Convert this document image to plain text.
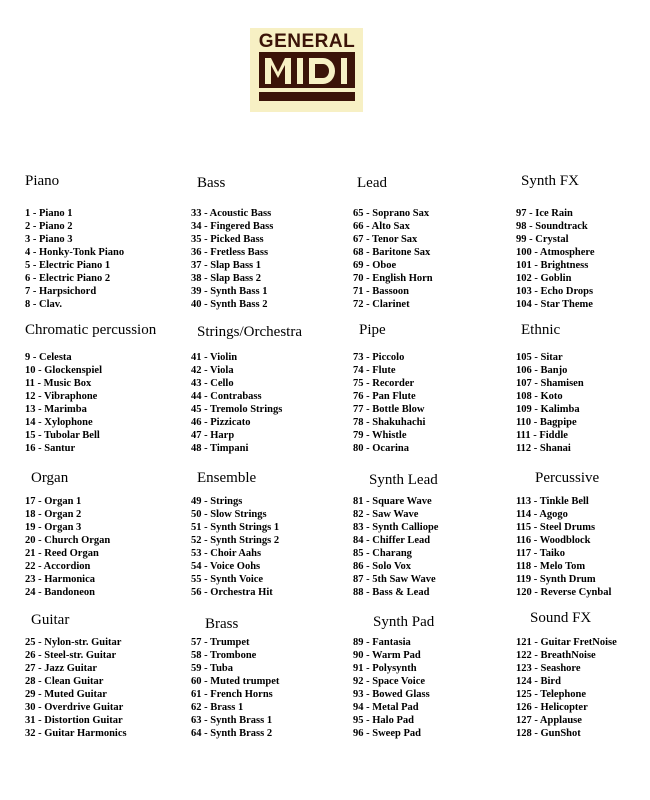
GENERAL
Piano
1 - Piano 1
2 - Piano 2
3 - Piano 3
4 - Honky-Tonk Piano
5 - Electric Piano 1
6 - Electric Piano 2
7 - Harpsichord
8 - Clav.
Bass
33 - Acoustic Bass
34 - Fingered Bass
35 - Picked Bass
36 - Fretless Bass
37 - Slap Bass 1
38 - Slap Bass 2
39 - Synth Bass 1
40 - Synth Bass 2
Lead
65 - Soprano Sax
66 - Alto Sax
67 - Tenor Sax
68 - Baritone Sax
69 - Oboe
70 - English Horn
71 - Bassoon
72 - Clarinet
Synth FX
97 - Ice Rain
98 - Soundtrack
99 - Crystal
100 - Atmosphere
101 - Brightness
102 - Goblin
103 - Echo Drops
104 - Star Theme
Chromatic percussion
9 - Celesta
10 - Glockenspiel
11 - Music Box
12 - Vibraphone
13 - Marimba
14 - Xylophone
15 - Tubolar Bell
16 - Santur
Strings/Orchestra
41 - Violin
42 - Viola
43 - Cello
44 - Contrabass
45 - Tremolo Strings
46 - Pizzicato
47 - Harp
48 - Timpani
Pipe
73 - Piccolo
74 - Flute
75 - Recorder
76 - Pan Flute
77 - Bottle Blow
78 - Shakuhachi
79 - Whistle
80 - Ocarina
Ethnic
105 - Sitar
106 - Banjo
107 - Shamisen
108 - Koto
109 - Kalimba
110 - Bagpipe
111 - Fiddle
112 - Shanai
Organ
17 - Organ 1
18 - Organ 2
19 - Organ 3
20 - Church Organ
21 - Reed Organ
22 - Accordion
23 - Harmonica
24 - Bandoneon
Ensemble
49 - Strings
50 - Slow Strings
51 - Synth Strings 1
52 - Synth Strings 2
53 - Choir Aahs
54 - Voice Oohs
55 - Synth Voice
56 - Orchestra Hit
Synth Lead
81 - Square Wave
82 - Saw Wave
83 - Synth Calliope
84 - Chiffer Lead
85 - Charang
86 - Solo Vox
87 - 5th Saw Wave
88 - Bass & Lead
Percussive
113 - Tinkle Bell
114 - Agogo
115 - Steel Drums
116 - Woodblock
117 - Taiko
118 - Melo Tom
119 - Synth Drum
120 - Reverse Cynbal
Guitar
25 - Nylon-str. Guitar
26 - Steel-str. Guitar
27 - Jazz Guitar
28 - Clean Guitar
29 - Muted Guitar
30 - Overdrive Guitar
31 - Distortion Guitar
32 - Guitar Harmonics
Brass
57 - Trumpet
58 - Trombone
59 - Tuba
60 - Muted trumpet
61 - French Horns
62 - Brass 1
63 - Synth Brass 1
64 - Synth Brass 2
Synth Pad
89 - Fantasia
90 - Warm Pad
91 - Polysynth
92 - Space Voice
93 - Bowed Glass
94 - Metal Pad
95 - Halo Pad
96 - Sweep Pad
Sound FX
121 - Guitar FretNoise
122 - BreathNoise
123 - Seashore
124 - Bird
125 - Telephone
126 - Helicopter
127 - Applause
128 - GunShot
